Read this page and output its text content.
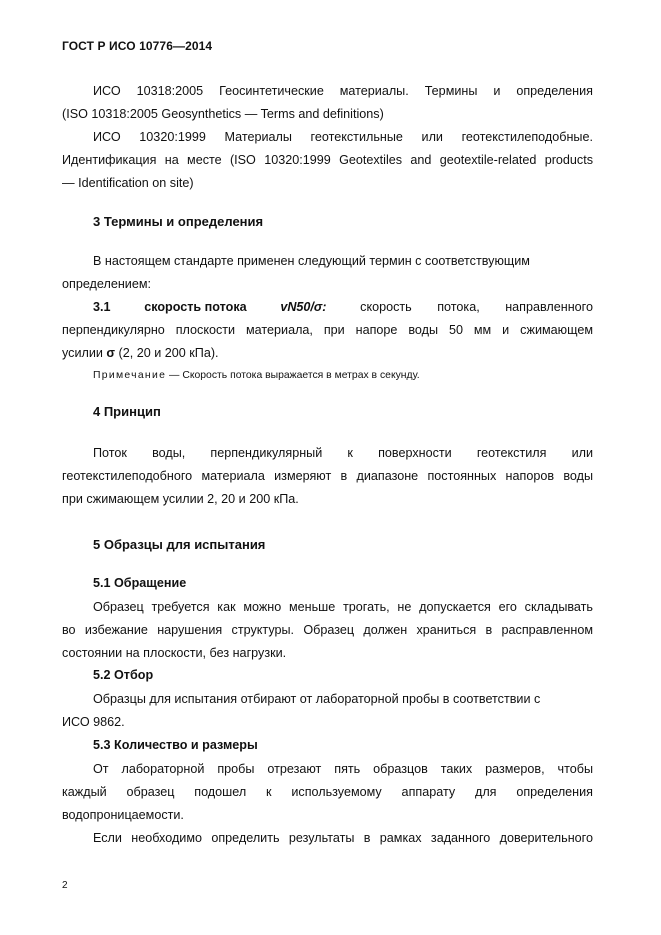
ГОСТ Р ИСО 10776—2014
ИСО 10318:2005 Геосинтетические материалы. Термины и определения
(ISO 10318:2005 Geosynthetics — Terms and definitions)
ИСО 10320:1999 Материалы геотекстильные или геотекстилеподобные.
Идентификация на месте (ISO 10320:1999 Geotextiles and geotextile-related products
— Identification on site)
3 Термины и определения
В настоящем стандарте применен следующий термин с соответствующим
определением:
3.1	скорость потока	vN50/σ:	скорость потока, направленного
перпендикулярно плоскости материала, при напоре воды 50 мм и сжимающем
усилии σ (2, 20 и 200 кПа).
Примечание — Скорость потока выражается в метрах в секунду.
4 Принцип
Поток воды, перпендикулярный к поверхности геотекстиля или
геотекстилеподобного материала измеряют в диапазоне постоянных напоров воды
при сжимающем усилии 2, 20 и 200 кПа.
5 Образцы для испытания
5.1 Обращение
Образец требуется как можно меньше трогать, не допускается его складывать
во избежание нарушения структуры. Образец должен храниться в расправленном
состоянии на плоскости, без нагрузки.
5.2 Отбор
Образцы для испытания отбирают от лабораторной пробы в соответствии с
ИСО 9862.
5.3 Количество и размеры
От лабораторной пробы отрезают пять образцов таких размеров, чтобы
каждый образец подошел к используемому аппарату для определения
водопроницаемости.
Если необходимо определить результаты в рамках заданного доверительного
2
